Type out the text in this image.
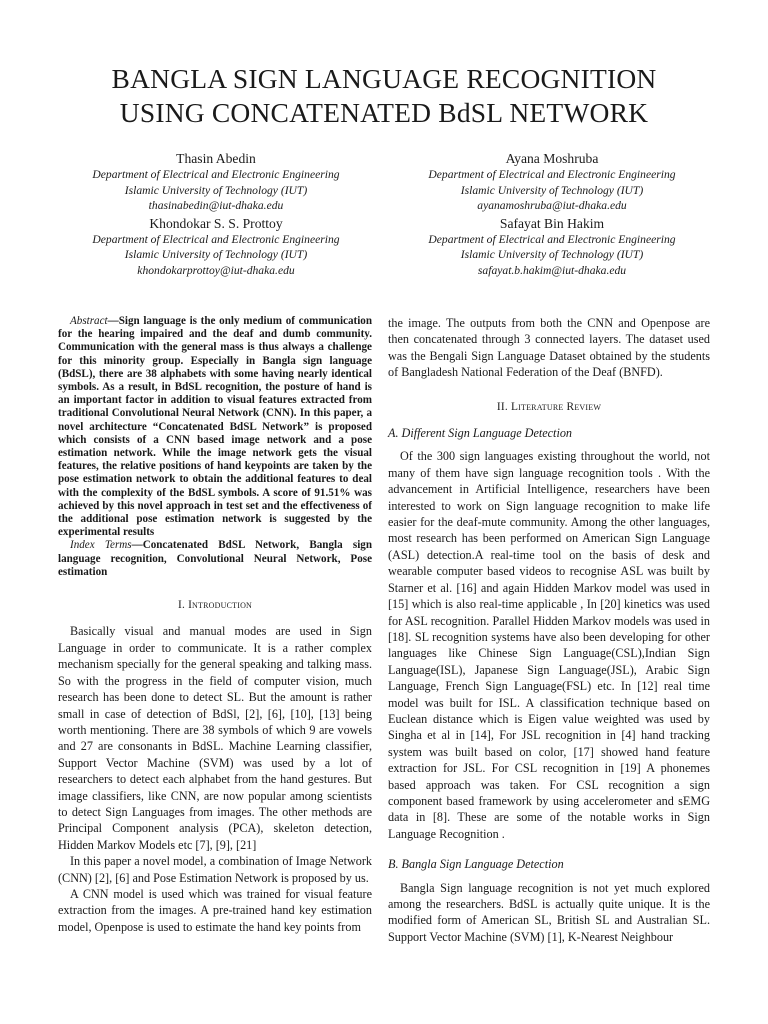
BANGLA SIGN LANGUAGE RECOGNITION
USING CONCATENATED BdSL NETWORK
Thasin Abedin
Department of Electrical and Electronic Engineering
Islamic University of Technology (IUT)
thasinabedin@iut-dhaka.edu
Ayana Moshruba
Department of Electrical and Electronic Engineering
Islamic University of Technology (IUT)
ayanamoshruba@iut-dhaka.edu
Khondokar S. S. Prottoy
Department of Electrical and Electronic Engineering
Islamic University of Technology (IUT)
khondokarprottoy@iut-dhaka.edu
Safayat Bin Hakim
Department of Electrical and Electronic Engineering
Islamic University of Technology (IUT)
safayat.b.hakim@iut-dhaka.edu

Abstract—Sign language is the only medium of communication for the hearing impaired and the deaf and dumb community. Communication with the general mass is thus always a challenge for this minority group. Especially in Bangla sign language (BdSL), there are 38 alphabets with some having nearly identical symbols. As a result, in BdSL recognition, the posture of hand is an important factor in addition to visual features extracted from traditional Convolutional Neural Network (CNN). In this paper, a novel architecture “Concatenated BdSL Network” is proposed which consists of a CNN based image network and a pose estimation network. While the image network gets the visual features, the relative positions of hand keypoints are taken by the pose estimation network to obtain the additional features to deal with the complexity of the BdSL symbols. A score of 91.51% was achieved by this novel approach in test set and the effectiveness of the additional pose estimation network is suggested by the experimental results

Index Terms—Concatenated BdSL Network, Bangla sign language recognition, Convolutional Neural Network, Pose estimation

I. Introduction

Basically visual and manual modes are used in Sign Language in order to communicate. It is a rather complex mechanism specially for the general speaking and talking mass. So with the progress in the field of computer vision, much research has been done to detect SL. But the amount is rather small in case of detection of BdSl, [2], [6], [10], [13] being worth mentioning. There are 38 symbols of which 9 are vowels and 27 are consonants in BdSL. Machine Learning classifier, Support Vector Machine (SVM) was used by a lot of researchers to detect each alphabet from the hand gestures. But image classifiers, like CNN, are now popular among scientists to detect Sign Languages from images. The other methods are Principal Component analysis (PCA), skeleton detection, Hidden Markov Models etc [7], [9], [21]

In this paper a novel model, a combination of Image Network (CNN) [2], [6] and Pose Estimation Network is proposed by us.

A CNN model is used which was trained for visual feature extraction from the images. A pre-trained hand key estimation model, Openpose is used to estimate the hand key points from

the image. The outputs from both the CNN and Openpose are then concatenated through 3 connected layers. The dataset used was the Bengali Sign Language Dataset obtained by the students of Bangladesh National Federation of the Deaf (BNFD).

II. Literature Review
A. Different Sign Language Detection

Of the 300 sign languages existing throughout the world, not many of them have sign language recognition tools . With the advancement in Artificial Intelligence, researchers have been interested to work on Sign language recognition to make life easier for the deaf-mute community. Among the other languages, most research has been performed on American Sign Language (ASL) detection.A real-time tool on the basis of desk and wearable computer based videos to recognise ASL was built by Starner et al. [16] and again Hidden Markov model was used in [15] which is also real-time applicable , In [20] kinetics was used for ASL recognition. Parallel Hidden Markov models was used in [18]. SL recognition systems have also been developing for other languages like Chinese Sign Language(CSL),Indian Sign Language(ISL), Japanese Sign Language(JSL), Arabic Sign Language, French Sign Language(FSL) etc. In [12] real time model was built for ISL. A classification technique based on Euclean distance which is Eigen value weighted was used by Singha et al in [14], For JSL recognition in [4] hand tracking system was built based on color, [17] showed hand feature extraction for JSL. For CSL recognition in [19] A phonemes based approach was taken. For CSL recognition a sign component based framework by using accelerometer and sEMG data in [8]. These are some of the notable works in Sign Language Recognition .

B. Bangla Sign Language Detection

Bangla Sign language recognition is not yet much explored among the researchers. BdSL is actually quite unique. It is the modified form of American SL, British SL and Australian SL. Support Vector Machine (SVM) [1], K-Nearest Neighbour
